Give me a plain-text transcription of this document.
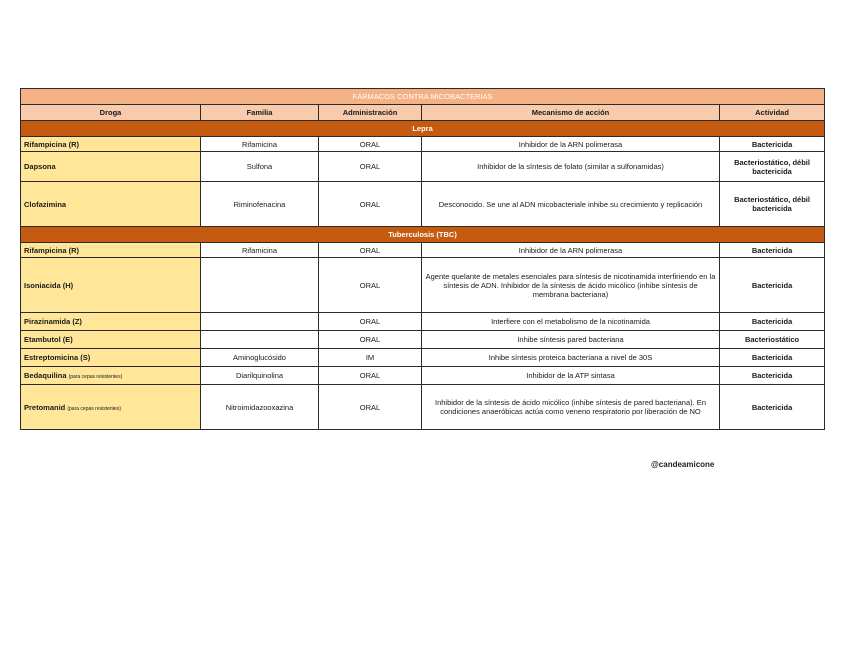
FÁRMACOS CONTRA MICOBACTERIAS				
Droga	Familia	Administración	Mecanismo de acción	Actividad
Lepra				
Rifampicina (R)	Rifamicina	ORAL	Inhibidor de la ARN polimerasa	Bactericida
Dapsona	Sulfona	ORAL	Inhibidor de la síntesis de folato (similar a sulfonamidas)	Bacteriostático, débil bactericida
Clofazimina	Riminofenacina	ORAL	Desconocido. Se une al ADN micobacteriale inhibe su crecimiento y replicación	Bacteriostático, débil bactericida
Tuberculosis (TBC)				
Rifampicina (R)	Rifamicina	ORAL	Inhibidor de la ARN polimerasa	Bactericida
Isoniacida (H)		ORAL	Agente quelante de metales esenciales para síntesis de nicotinamida interfiriendo en la síntesis de ADN. Inhibidor de la síntesis de ácido micólico (inhibe síntesis de membrana bacteriana)	Bactericida
Pirazinamida (Z)		ORAL	Interfiere con el metabolismo de la nicotinamida	Bactericida
Etambutol (E)		ORAL	Inhibe síntesis pared bacteriana	Bacteriostático
Estreptomicina (S)	Aminoglucósido	IM	Inhibe síntesis proteica bacteriana a nivel de 30S	Bactericida
Bedaquilina (para cepas resistentes)	Diarilquinolina	ORAL	Inhibidor de la ATP sintasa	Bactericida
Pretomanid (para cepas resistentes)	Nitroimidazooxazina	ORAL	Inhibidor de la síntesis de ácido micólico (inhibe síntesis de pared bacteriana). En condiciones anaeróbicas actúa como veneno respiratorio por liberación de NO	Bactericida
@candeamicone
